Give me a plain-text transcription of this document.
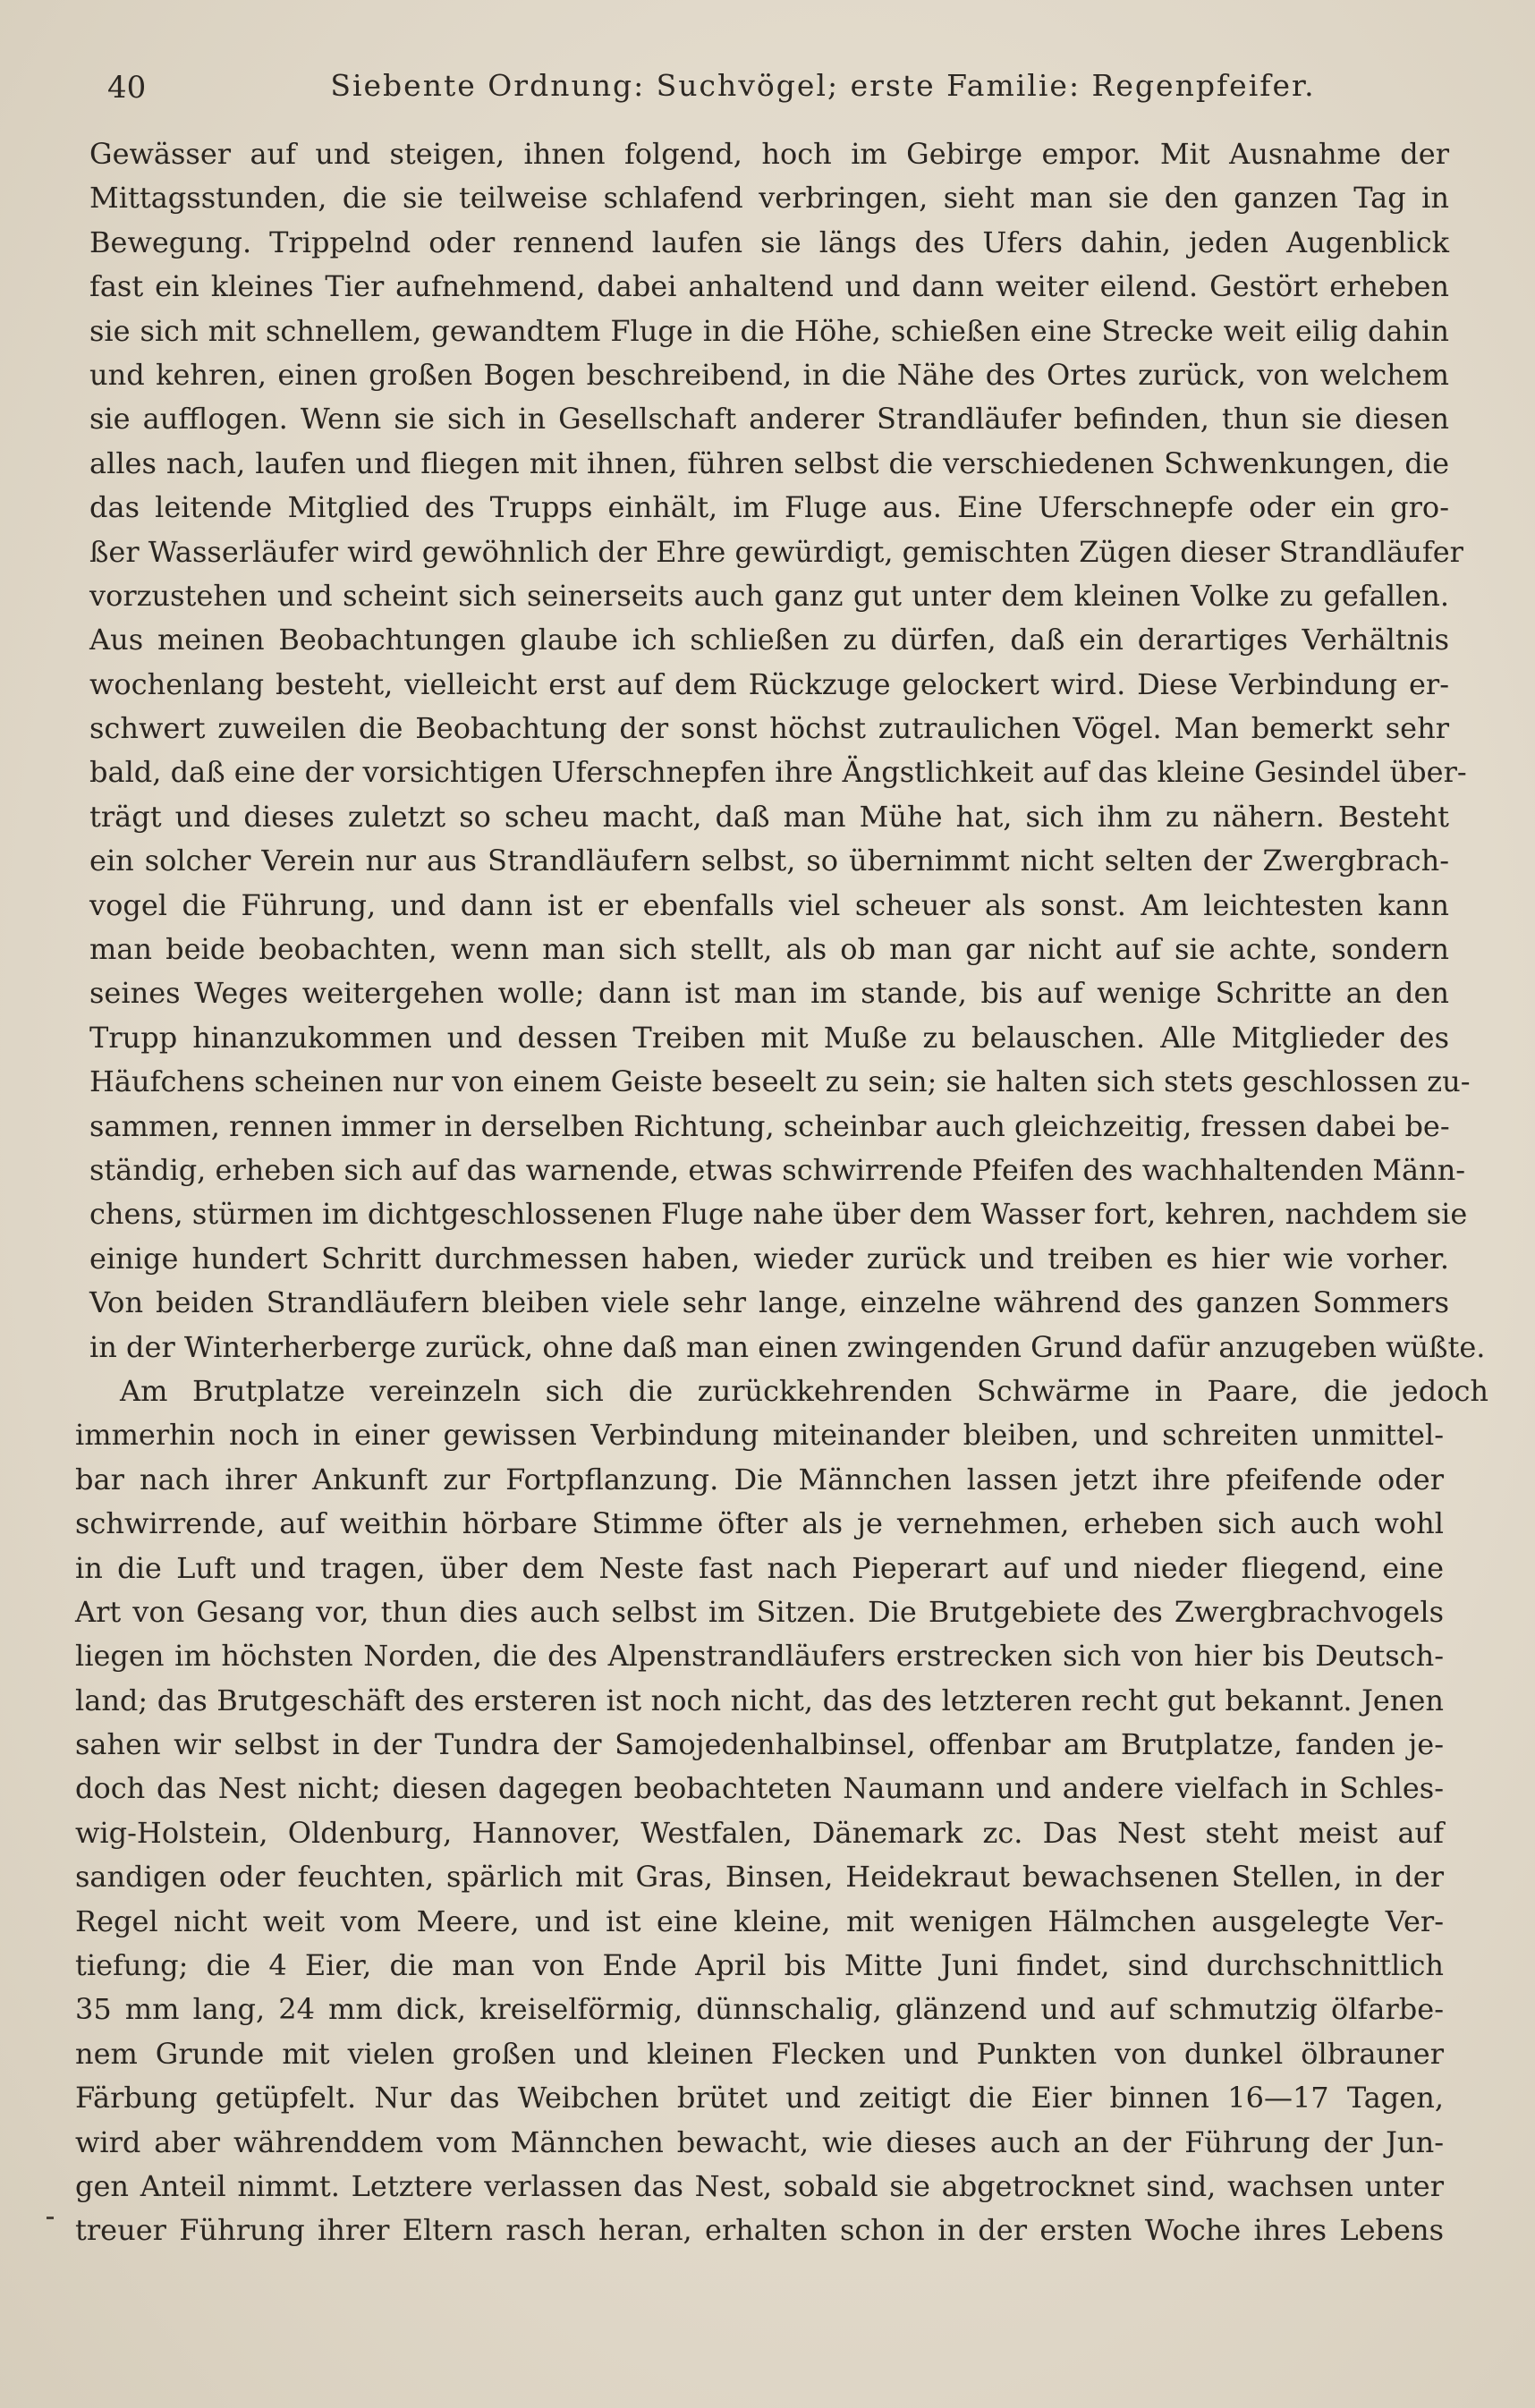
40	Siebente Ordnung: Suchvögel; erste Familie: Regenpfeifer.
Gewässer auf und steigen, ihnen folgend, hoch im Gebirge empor. Mit Ausnahme der
Mittagsstunden, die sie teilweise schlafend verbringen, sieht man sie den ganzen Tag in
Bewegung. Trippelnd oder rennend laufen sie längs des Ufers dahin, jeden Augenblick
fast ein kleines Tier aufnehmend, dabei anhaltend und dann weiter eilend. Gestört erheben
sie sich mit schnellem, gewandtem Fluge in die Höhe, schießen eine Strecke weit eilig dahin
und kehren, einen großen Bogen beschreibend, in die Nähe des Ortes zurück, von welchem
sie aufflogen. Wenn sie sich in Gesellschaft anderer Strandläufer befinden, thun sie diesen
alles nach, laufen und fliegen mit ihnen, führen selbst die verschiedenen Schwenkungen, die
das leitende Mitglied des Trupps einhält, im Fluge aus. Eine Uferschnepfe oder ein gro-
ßer Wasserläufer wird gewöhnlich der Ehre gewürdigt, gemischten Zügen dieser Strandläufer
vorzustehen und scheint sich seinerseits auch ganz gut unter dem kleinen Volke zu gefallen.
Aus meinen Beobachtungen glaube ich schließen zu dürfen, daß ein derartiges Verhältnis
wochenlang besteht, vielleicht erst auf dem Rückzuge gelockert wird. Diese Verbindung er-
schwert zuweilen die Beobachtung der sonst höchst zutraulichen Vögel. Man bemerkt sehr
bald, daß eine der vorsichtigen Uferschnepfen ihre Ängstlichkeit auf das kleine Gesindel über-
trägt und dieses zuletzt so scheu macht, daß man Mühe hat, sich ihm zu nähern. Besteht
ein solcher Verein nur aus Strandläufern selbst, so übernimmt nicht selten der Zwergbrach-
vogel die Führung, und dann ist er ebenfalls viel scheuer als sonst. Am leichtesten kann
man beide beobachten, wenn man sich stellt, als ob man gar nicht auf sie achte, sondern
seines Weges weitergehen wolle; dann ist man im stande, bis auf wenige Schritte an den
Trupp hinanzukommen und dessen Treiben mit Muße zu belauschen. Alle Mitglieder des
Häufchens scheinen nur von einem Geiste beseelt zu sein; sie halten sich stets geschlossen zu-
sammen, rennen immer in derselben Richtung, scheinbar auch gleichzeitig, fressen dabei be-
ständig, erheben sich auf das warnende, etwas schwirrende Pfeifen des wachhaltenden Männ-
chens, stürmen im dichtgeschlossenen Fluge nahe über dem Wasser fort, kehren, nachdem sie
einige hundert Schritt durchmessen haben, wieder zurück und treiben es hier wie vorher.
Von beiden Strandläufern bleiben viele sehr lange, einzelne während des ganzen Sommers
in der Winterherberge zurück, ohne daß man einen zwingenden Grund dafür anzugeben wüßte.
Am Brutplatze vereinzeln sich die zurückkehrenden Schwärme in Paare, die jedoch
immerhin noch in einer gewissen Verbindung miteinander bleiben, und schreiten unmittel-
bar nach ihrer Ankunft zur Fortpflanzung. Die Männchen lassen jetzt ihre pfeifende oder
schwirrende, auf weithin hörbare Stimme öfter als je vernehmen, erheben sich auch wohl
in die Luft und tragen, über dem Neste fast nach Pieperart auf und nieder fliegend, eine
Art von Gesang vor, thun dies auch selbst im Sitzen. Die Brutgebiete des Zwergbrachvogels
liegen im höchsten Norden, die des Alpenstrandläufers erstrecken sich von hier bis Deutsch-
land; das Brutgeschäft des ersteren ist noch nicht, das des letzteren recht gut bekannt. Jenen
sahen wir selbst in der Tundra der Samojedenhalbinsel, offenbar am Brutplatze, fanden je-
doch das Nest nicht; diesen dagegen beobachteten Naumann und andere vielfach in Schles-
wig-Holstein, Oldenburg, Hannover, Westfalen, Dänemark zc. Das Nest steht meist auf
sandigen oder feuchten, spärlich mit Gras, Binsen, Heidekraut bewachsenen Stellen, in der
Regel nicht weit vom Meere, und ist eine kleine, mit wenigen Hälmchen ausgelegte Ver-
tiefung; die 4 Eier, die man von Ende April bis Mitte Juni findet, sind durchschnittlich
35 mm lang, 24 mm dick, kreiselförmig, dünnschalig, glänzend und auf schmutzig ölfarbe-
nem Grunde mit vielen großen und kleinen Flecken und Punkten von dunkel ölbrauner
Färbung getüpfelt. Nur das Weibchen brütet und zeitigt die Eier binnen 16—17 Tagen,
wird aber währenddem vom Männchen bewacht, wie dieses auch an der Führung der Jun-
gen Anteil nimmt. Letztere verlassen das Nest, sobald sie abgetrocknet sind, wachsen unter
treuer Führung ihrer Eltern rasch heran, erhalten schon in der ersten Woche ihres Lebens
